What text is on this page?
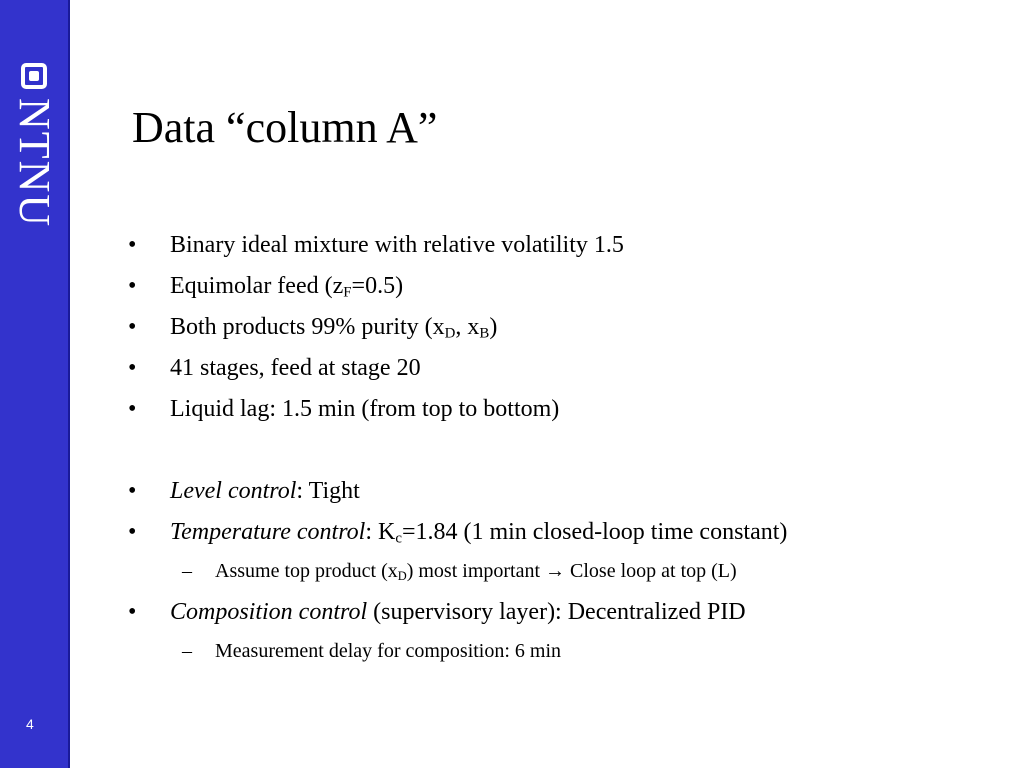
NTNU
4
Data “column A”
• Binary ideal mixture with relative volatility 1.5
• Equimolar feed $(z_F=0.5)$
• Both products 99% purity ($x_D$, $x_B$)
• 41 stages, feed at stage 20
• Liquid lag: 1.5 min (from top to bottom)
• Level control: Tight
• Temperature control: $K_c=1.84$ (1 min closed-loop time constant)
– Assume top product $(x_D)$ most important → Close loop at top (L)
• Composition control (supervisory layer): Decentralized PID
– Measurement delay for composition: 6 min
